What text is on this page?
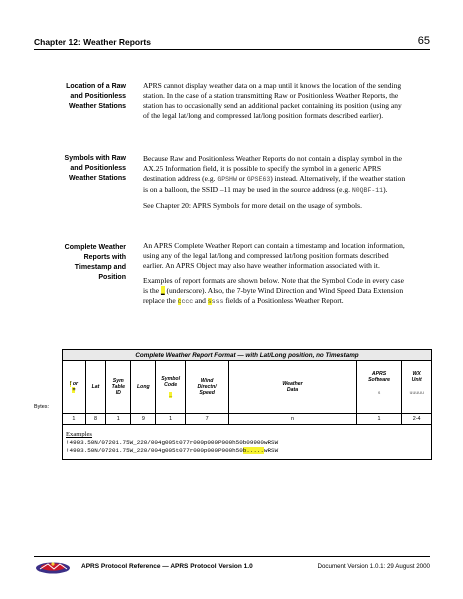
Chapter 12: Weather Reports	65
Location of a Raw
and Positionless
Weather Stations

APRS cannot display weather data on a map until it knows the location of the sending station. In the case of a station transmitting Raw or Positionless Weather Reports, the station has to occasionally send an additional packet containing its position (using any of the legal lat/long and compressed lat/long position formats described earlier).

Symbols with Raw
and Positionless
Weather Stations

Because Raw and Positionless Weather Reports do not contain a display symbol in the AX.25 Information field, it is possible to specify the symbol in a generic APRS destination address (e.g. GPSHW or GPSE63) instead. Alternatively, if the weather station is on a balloon, the SSID –11 may be used in the source address (e.g. N0QBF-11).

See Chapter 20: APRS Symbols for more detail on the usage of symbols.

Complete Weather
Reports with
Timestamp and
Position

An APRS Complete Weather Report can contain a timestamp and location information, using any of the legal lat/long and compressed lat/long position formats described earlier. An APRS Object may also have weather information associated with it.

Examples of report formats are shown below. Note that the Symbol Code in every case is the _ (underscore). Also, the 7-byte Wind Direction and Wind Speed Data Extension replace the cccc and ssss fields of a Positionless Weather Report.

Bytes:
Complete Weather Report Format — with Lat/Long position, no Timestamp								
! or
=	Lat	Sym
Table
ID	Long	Symbol
Code
_	Wind
Directn/
Speed	Weather
Data	APRS
Software
s	WX
Unit
uuuuu

1	8	1	9	1	7	n	1	2-4

Examples
!4903.50N/07201.75W_220/004g005t077r000p000P000h50b09900wRSW
!4903.50N/07201.75W_220/004g005t077r000p000P000h50b.....wRSW								
APRS Protocol Reference — APRS Protocol Version 1.0	Document Version 1.0.1: 29 August 2000
